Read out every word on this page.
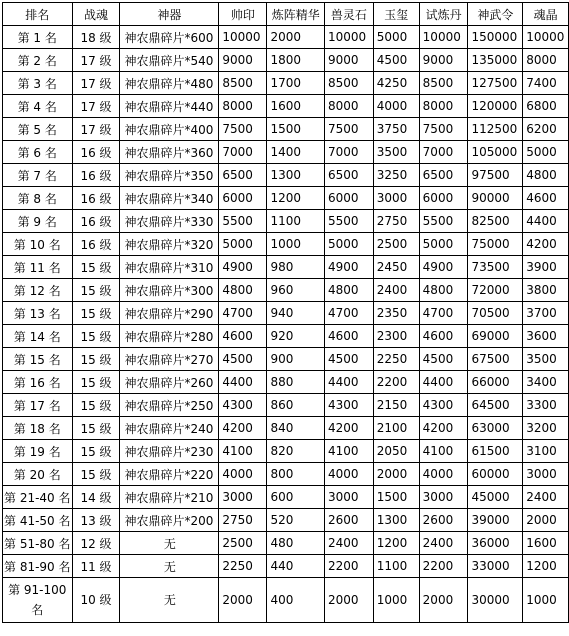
排名	战魂	神器	帅印	炼阵精华	兽灵石	玉玺	试炼丹	神武令	魂晶
第 1 名	18 级	神农鼎碎片*600	10000	2000	10000	5000	10000	150000	10000
第 2 名	17 级	神农鼎碎片*540	9000	1800	9000	4500	9000	135000	8000
第 3 名	17 级	神农鼎碎片*480	8500	1700	8500	4250	8500	127500	7400
第 4 名	17 级	神农鼎碎片*440	8000	1600	8000	4000	8000	120000	6800
第 5 名	17 级	神农鼎碎片*400	7500	1500	7500	3750	7500	112500	6200
第 6 名	16 级	神农鼎碎片*360	7000	1400	7000	3500	7000	105000	5000
第 7 名	16 级	神农鼎碎片*350	6500	1300	6500	3250	6500	97500	4800
第 8 名	16 级	神农鼎碎片*340	6000	1200	6000	3000	6000	90000	4600
第 9 名	16 级	神农鼎碎片*330	5500	1100	5500	2750	5500	82500	4400
第 10 名	16 级	神农鼎碎片*320	5000	1000	5000	2500	5000	75000	4200
第 11 名	15 级	神农鼎碎片*310	4900	980	4900	2450	4900	73500	3900
第 12 名	15 级	神农鼎碎片*300	4800	960	4800	2400	4800	72000	3800
第 13 名	15 级	神农鼎碎片*290	4700	940	4700	2350	4700	70500	3700
第 14 名	15 级	神农鼎碎片*280	4600	920	4600	2300	4600	69000	3600
第 15 名	15 级	神农鼎碎片*270	4500	900	4500	2250	4500	67500	3500
第 16 名	15 级	神农鼎碎片*260	4400	880	4400	2200	4400	66000	3400
第 17 名	15 级	神农鼎碎片*250	4300	860	4300	2150	4300	64500	3300
第 18 名	15 级	神农鼎碎片*240	4200	840	4200	2100	4200	63000	3200
第 19 名	15 级	神农鼎碎片*230	4100	820	4100	2050	4100	61500	3100
第 20 名	15 级	神农鼎碎片*220	4000	800	4000	2000	4000	60000	3000
第 21-40 名	14 级	神农鼎碎片*210	3000	600	3000	1500	3000	45000	2400
第 41-50 名	13 级	神农鼎碎片*200	2750	520	2600	1300	2600	39000	2000
第 51-80 名	12 级	无	2500	480	2400	1200	2400	36000	1600
第 81-90 名	11 级	无	2250	440	2200	1100	2200	33000	1200
第 91-100 名	10 级	无	2000	400	2000	1000	2000	30000	1000
